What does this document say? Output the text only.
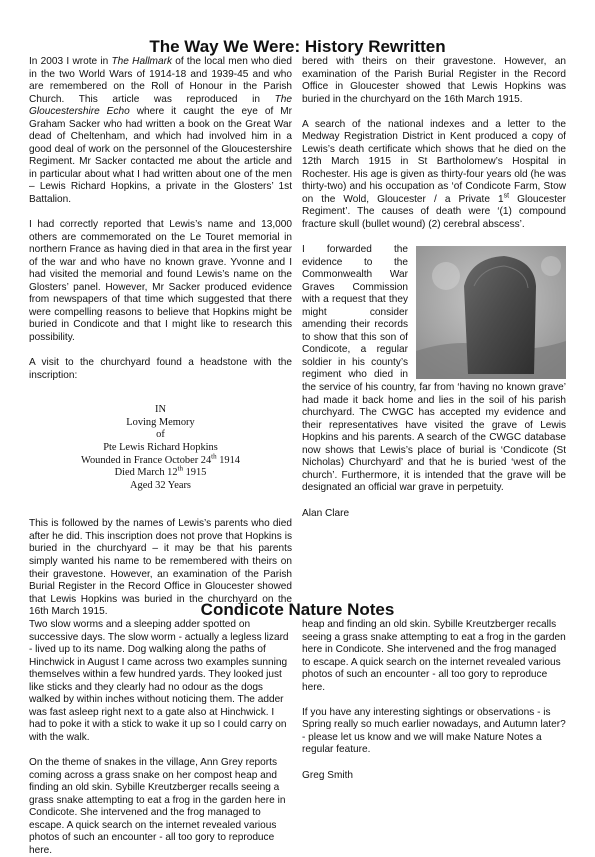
The Way We Were: History Rewritten

In 2003 I wrote in The Hallmark of the local men who died in the two World Wars of 1914-18 and 1939-45 and who are remembered on the Roll of Honour in the Parish Church. This article was reproduced in The Gloucestershire Echo where it caught the eye of Mr Graham Sacker who had written a book on the Great War dead of Cheltenham, and which had involved him in a good deal of work on the personnel of the Gloucestershire Regiment. Mr Sacker contacted me about the article and in particular about what I had written about one of the men – Lewis Richard Hopkins, a private in the Glosters’ 1st Battalion.

I had correctly reported that Lewis’s name and 13,000 others are commemorated on the Le Touret memorial in northern France as having died in that area in the first year of the war and who have no known grave. Yvonne and I had visited the memorial and found Lewis’s name on the Glosters’ panel. However, Mr Sacker produced evidence from newspapers of that time which suggested that there were compelling reasons to believe that Hopkins might be buried in Condicote and that I might like to research this possibility.

A visit to the churchyard found a headstone with the inscription:

IN

Loving Memory

of

Pte Lewis Richard Hopkins

Wounded in France October 24th 1914

Died March 12th 1915

Aged 32 Years

This is followed by the names of Lewis’s parents who died after he did. This inscription does not prove that Hopkins is buried in the churchyard – it may be that his parents simply wanted his name to be remembered with theirs on their gravestone. However, an examination of the Parish Burial Register in the Record Office in Gloucester showed that Lewis Hopkins was buried in the churchyard on the 16th March 1915.

bered with theirs on their gravestone. However, an examination of the Parish Burial Register in the Record Office in Gloucester showed that Lewis Hopkins was buried in the churchyard on the 16th March 1915.

A search of the national indexes and a letter to the Medway Registration District in Kent produced a copy of Lewis’s death certificate which shows that he died on the 12th March 1915 in St Bartholomew’s Hospital in Rochester. His age is given as thirty-four years old (he was thirty-two) and his occupation as ‘of Condicote Farm, Stow on the Wold, Gloucester / a Private 1st Gloucester Regiment’. The causes of death were ‘(1) compound fracture skull (bullet wound) (2) cerebral abscess’.

I forwarded the evidence to the Commonwealth War Graves Commission with a request that they might consider amending their records to show that this son of Condicote, a regular soldier in his county’s regiment who died in the service of his country, far from ‘having no known grave’ had made it back home and lies in the soil of his parish churchyard. The CWGC has accepted my evidence and their representatives have visited the grave of Lewis Hopkins and his parents. A search of the CWGC database now shows that Lewis’s place of burial is ‘Condicote (St Nicholas) Churchyard’ and that he is buried ‘west of the church’. Furthermore, it is intended that the grave will be designated an official war grave in perpetuity.

Alan Clare

Condicote Nature Notes

Two slow worms and a sleeping adder spotted on successive days. The slow worm - actually a legless lizard - lived up to its name. Dog walking along the paths of Hinchwick in August I came across two examples sunning themselves within a few hundred yards. They looked just like sticks and they clearly had no odour as the dogs walked by within inches without noticing them. The adder was fast asleep right next to a gate also at Hinchwick. I had to poke it with a stick to wake it up so I could carry on with the walk.

On the theme of snakes in the village, Ann Grey reports coming across a grass snake on her compost heap and finding an old skin. Sybille Kreutzberger recalls seeing a grass snake attempting to eat a frog in the garden here in Condicote. She intervened and the frog managed to escape. A quick search on the internet revealed various photos of such an encounter - all too gory to reproduce here.

heap and finding an old skin. Sybille Kreutzberger recalls seeing a grass snake attempting to eat a frog in the garden here in Condicote. She intervened and the frog managed to escape. A quick search on the internet revealed various photos of such an encounter - all too gory to reproduce here.

If you have any interesting sightings or observations - is Spring really so much earlier nowadays, and Autumn later? - please let us know and we will make Nature Notes a regular feature.

Greg Smith
